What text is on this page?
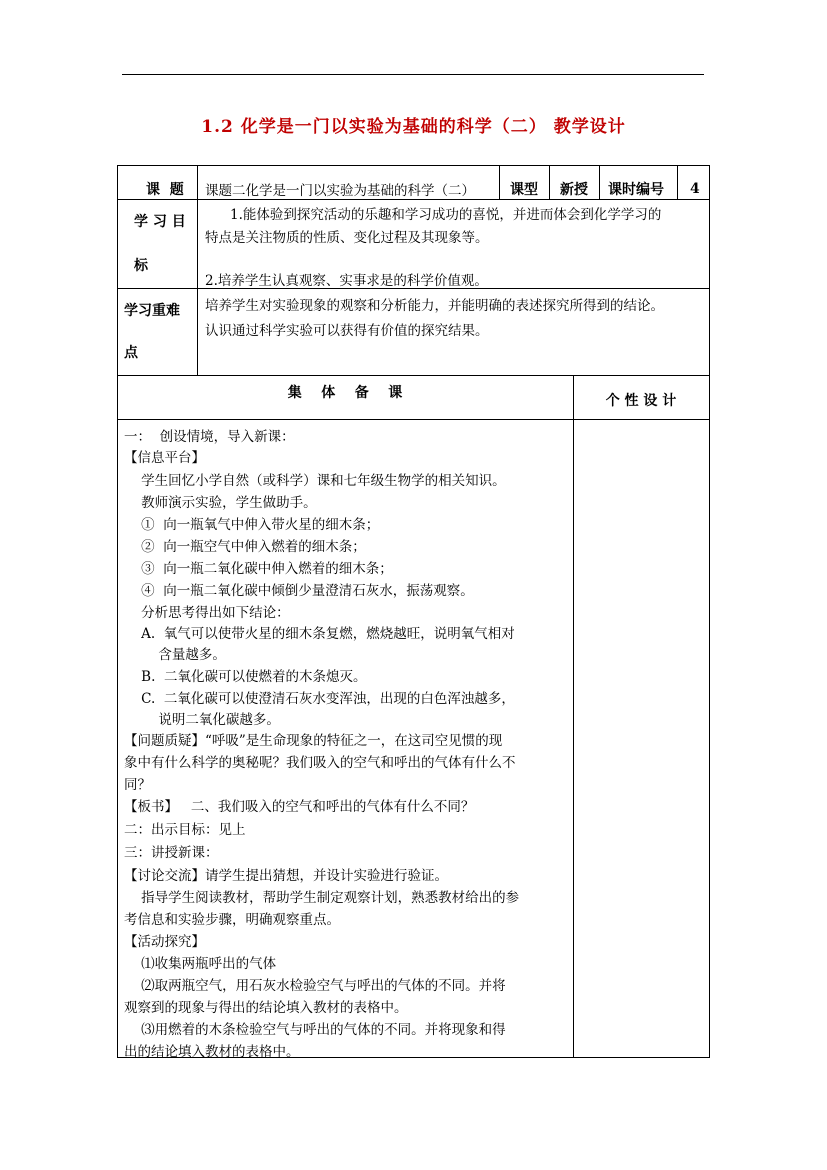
1.2 化学是一门以实验为基础的科学（二） 教学设计
课  题 课题二化学是一门以实验为基础的科学（二）	课型 新授 课时编号 4
学 习 目
标
1.能体验到探究活动的乐趣和学习成功的喜悦，并进而体会到化学学习的
特点是关注物质的性质、变化过程及其现象等。
2.培养学生认真观察、实事求是的科学价值观。
学习重难
点
培养学生对实验现象的观察和分析能力，并能明确的表述探究所得到的结论。
认识通过科学实验可以获得有价值的探究结果。
集    体    备    课	个 性 设 计
一：  创设情境，导入新课：
【信息平台】
学生回忆小学自然（或科学）课和七年级生物学的相关知识。
教师演示实验，学生做助手。
①  向一瓶氧气中伸入带火星的细木条；
②  向一瓶空气中伸入燃着的细木条；
③  向一瓶二氧化碳中伸入燃着的细木条；
④  向一瓶二氧化碳中倾倒少量澄清石灰水，振荡观察。
分析思考得出如下结论：
A.  氧气可以使带火星的细木条复燃，燃烧越旺，说明氧气相对
含量越多。
B.  二氧化碳可以使燃着的木条熄灭。
C.  二氧化碳可以使澄清石灰水变浑浊，出现的白色浑浊越多，
说明二氧化碳越多。
【问题质疑】“呼吸”是生命现象的特征之一，在这司空见惯的现
象中有什么科学的奥秘呢？我们吸入的空气和呼出的气体有什么不
同？
【板书】   二、我们吸入的空气和呼出的气体有什么不同？
二：出示目标：见上
三：讲授新课：
【讨论交流】请学生提出猜想，并设计实验进行验证。
指导学生阅读教材，帮助学生制定观察计划，熟悉教材给出的参
考信息和实验步骤，明确观察重点。
【活动探究】
⑴收集两瓶呼出的气体
⑵取两瓶空气，用石灰水检验空气与呼出的气体的不同。并将
观察到的现象与得出的结论填入教材的表格中。
⑶用燃着的木条检验空气与呼出的气体的不同。并将现象和得
出的结论填入教材的表格中。
